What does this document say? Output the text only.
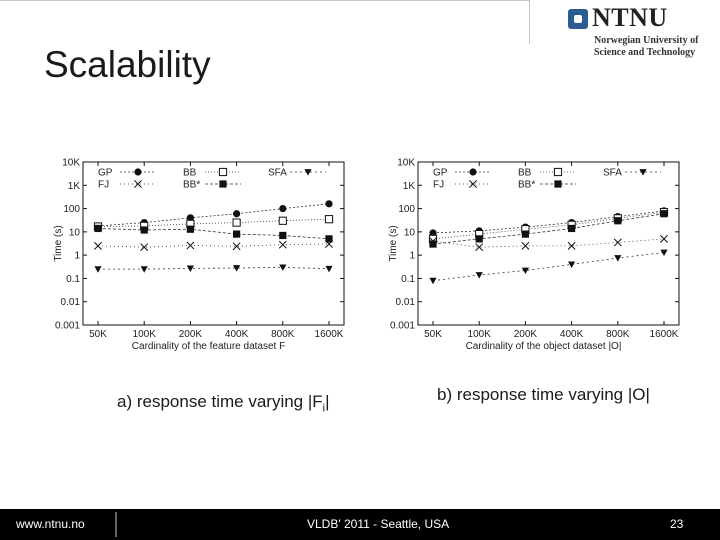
Scalability
NTNU
Norwegian University of
Science and Technology
0.001
0.01
0.1
1
10
100
1K
10K
50K	100K 200K 400K 800K 1600K
Cardinality of the feature dataset F
Time (s)
GP	BB	SFA
FJ	BB*
0.001
0.01
0.1
1
10
100
1K
10K
50K	100K 200K 400K 800K 1600K
Cardinality of the object dataset |O|
Time (s)
GP	BB	SFA
FJ	BB*
a) response time varying $|F_i|$	b) response time varying |O|
www.ntnu.no	VLDB' 2011 - Seattle, USA	23
